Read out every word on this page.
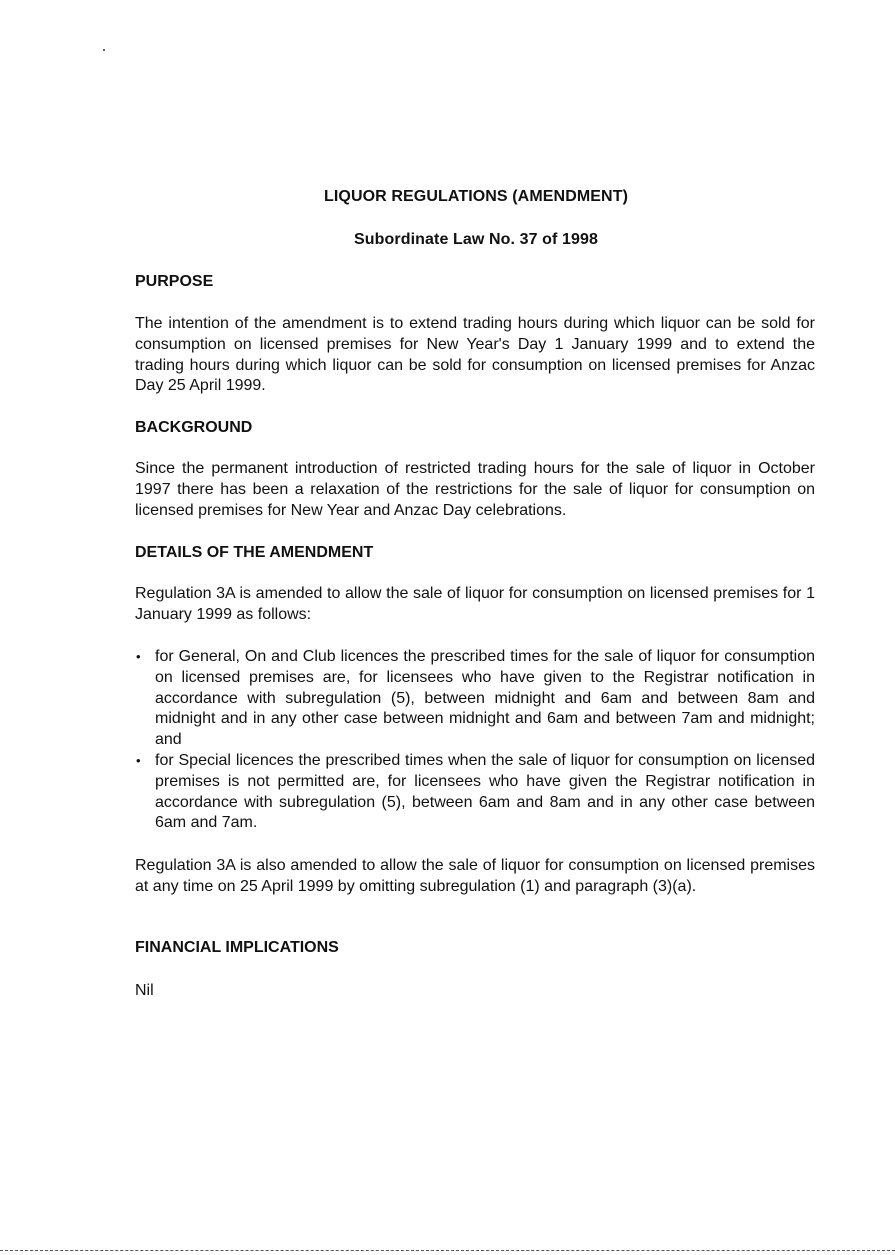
LIQUOR REGULATIONS (AMENDMENT)
Subordinate Law No. 37 of 1998
PURPOSE
The intention of the amendment is to extend trading hours during which liquor can be sold for consumption on licensed premises for New Year's Day 1 January 1999 and to extend the trading hours during which liquor can be sold for consumption on licensed premises for Anzac Day 25 April 1999.
BACKGROUND
Since the permanent introduction of restricted trading hours for the sale of liquor in October 1997 there has been a relaxation of the restrictions for the sale of liquor for consumption on licensed premises for New Year and Anzac Day celebrations.
DETAILS OF THE AMENDMENT
Regulation 3A is amended to allow the sale of liquor for consumption on licensed premises for 1 January 1999 as follows:
• for General, On and Club licences the prescribed times for the sale of liquor for consumption on licensed premises are, for licensees who have given to the Registrar notification in accordance with subregulation (5), between midnight and 6am and between 8am and midnight and in any other case between midnight and 6am and between 7am and midnight; and
• for Special licences the prescribed times when the sale of liquor for consumption on licensed premises is not permitted are, for licensees who have given the Registrar notification in accordance with subregulation (5), between 6am and 8am and in any other case between 6am and 7am.
Regulation 3A is also amended to allow the sale of liquor for consumption on licensed premises at any time on 25 April 1999 by omitting subregulation (1) and paragraph (3)(a).
FINANCIAL IMPLICATIONS
Nil
